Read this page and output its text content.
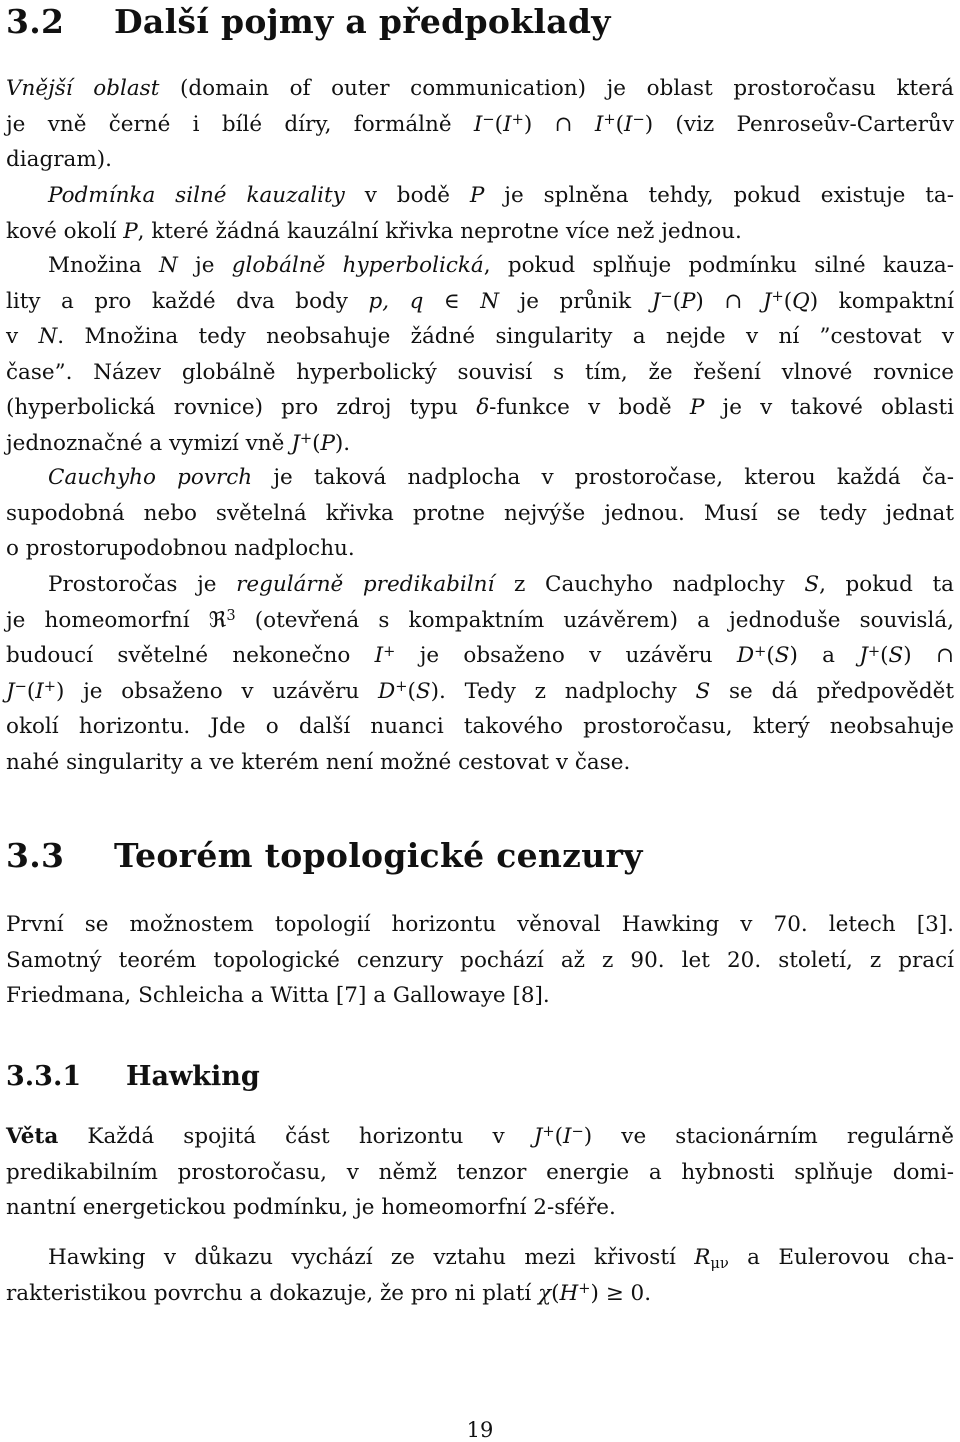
3.2 Další pojmy a předpoklady
Vnější oblast (domain of outer communication) je oblast prostoročasu která
je vně černé i bílé díry, formálně I−(I+) ∩ I+(I−) (viz Penroseův-Carterův
diagram).
Podmínka silné kauzality v bodě P je splněna tehdy, pokud existuje ta-
kové okolí P, které žádná kauzální křivka neprotne více než jednou.
Množina N je globálně hyperbolická, pokud splňuje podmínku silné kauza-
lity a pro každé dva body p, q ∈ N je průnik J−(P) ∩ J+(Q) kompaktní
v N. Množina tedy neobsahuje žádné singularity a nejde v ní ”cestovat v
čase”. Název globálně hyperbolický souvisí s tím, že řešení vlnové rovnice
(hyperbolická rovnice) pro zdroj typu δ-funkce v bodě P je v takové oblasti
jednoznačné a vymizí vně J+(P).
Cauchyho povrch je taková nadplocha v prostoročase, kterou každá ča-
supodobná nebo světelná křivka protne nejvýše jednou. Musí se tedy jednat
o prostorupodobnou nadplochu.
Prostoročas je regulárně predikabilní z Cauchyho nadplochy S, pokud ta
je homeomorfní ℜ$^3$ (otevřená s kompaktním uzávěrem) a jednoduše souvislá,
budoucí světelné nekonečno I+ je obsaženo v uzávěru D+(S) a J+(S) ∩
J−(I+) je obsaženo v uzávěru D+(S). Tedy z nadplochy S se dá předpovědět
okolí horizontu. Jde o další nuanci takového prostoročasu, který neobsahuje
nahé singularity a ve kterém není možné cestovat v čase.
3.3 Teorém topologické cenzury
První se možnostem topologií horizontu věnoval Hawking v 70. letech [3].
Samotný teorém topologické cenzury pochází až z 90. let 20. století, z prací
Friedmana, Schleicha a Witta [7] a Gallowaye [8].
3.3.1 Hawking
Věta Každá spojitá část horizontu v J+(I−) ve stacionárním regulárně
predikabilním prostoročasu, v němž tenzor energie a hybnosti splňuje domi-
nantní energetickou podmínku, je homeomorfní 2-sféře.
Hawking v důkazu vychází ze vztahu mezi křivostí $R_{\mu\nu}$ a Eulerovou cha-
rakteristikou povrchu a dokazuje, že pro ni platí χ(H+) ≥ 0.
19
